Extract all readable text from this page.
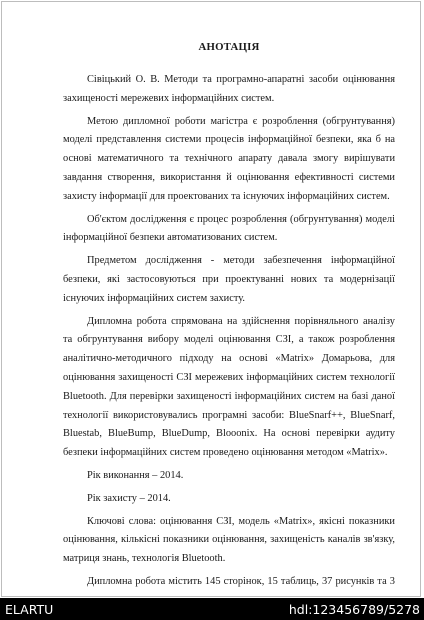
АНОТАЦІЯ

Сівіцький О. В. Методи та програмно-апаратні засоби оцінювання захищеності мережевих інформаційних систем.

Метою дипломної роботи магістра є розроблення (обгрунтування) моделі представлення системи процесів інформаційної безпеки, яка б на основі математичного та технічного апарату давала змогу вирішувати завдання створення, використання й оцінювання ефективності системи захисту інформації для проектованих та існуючих інформаційних систем.

Об'єктом дослідження є процес розроблення (обгрунтування) моделі інформаційної безпеки автоматизованих систем.

Предметом дослідження - методи забезпечення інформаційної безпеки, які застосовуються при проектуванні нових та модернізації існуючих інформаційних систем захисту.

Дипломна робота спрямована на здійснення порівняльного аналізу та обгрунтування вибору моделі оцінювання СЗІ, а також розроблення аналітично-методичного підходу на основі «Matrix» Домарьова, для оцінювання захищеності СЗІ мережевих інформаційних систем технології Bluetooth. Для перевірки захищеності інформаційних систем на базі даної технології використовувались програмні засоби: BlueSnarf++, BlueSnarf, Bluestab, BlueBump, BlueDump, Blooonix. На основі перевірки аудиту безпеки інформаційних систем проведено оцінювання методом «Matrix».

Рік виконання – 2014.

Рік захисту – 2014.

Ключові слова: оцінювання СЗІ, модель «Matrix», якісні показники оцінювання, кількісні показники оцінювання, захищеність каналів зв'язку, матриця знань, технологія Bluetooth.

Дипломна робота містить 145 сторінок, 15 таблиць, 37 рисунків та 3

ELARTU	hdl:123456789/5278
